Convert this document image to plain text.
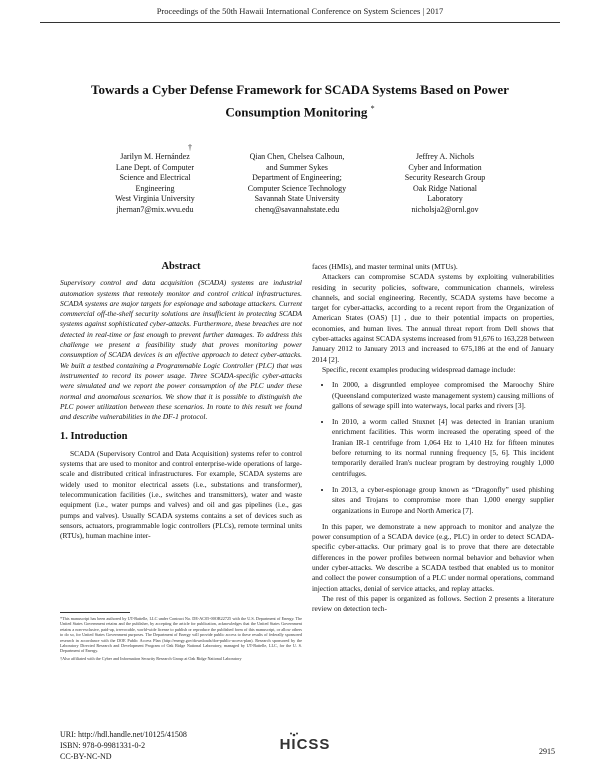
Proceedings of the 50th Hawaii International Conference on System Sciences | 2017
Towards a Cyber Defense Framework for SCADA Systems Based on Power Consumption Monitoring *
†
Jarilyn M. Hernández
Lane Dept. of Computer
Science and Electrical
Engineering
West Virginia University
jhernan7@mix.wvu.edu
Qian Chen, Chelsea Calhoun,
and Summer Sykes
Department of Engineering;
Computer Science Technology
Savannah State University
chenq@savannahstate.edu
Jeffrey A. Nichols
Cyber and Information
Security Research Group
Oak Ridge National
Laboratory
nicholsja2@ornl.gov
Abstract

Supervisory control and data acquisition (SCADA) systems are industrial automation systems that remotely monitor and control critical infrastructures. SCADA systems are major targets for espionage and sabotage attackers. Current commercial off-the-shelf security solutions are insufficient in protecting SCADA systems against sophisticated cyber-attacks. Furthermore, these breaches are not detected in real-time or fast enough to prevent further damages. To address this challenge we present a feasibility study that proves monitoring power consumption of SCADA devices is an effective approach to detect cyber-attacks. We built a testbed containing a Programmable Logic Controller (PLC) that was instrumented to record its power usage. Three SCADA-specific cyber-attacks were simulated and we report the power consumption of the PLC under these normal and anomalous scenarios. We show that it is possible to distinguish the PLC power utilization between these scenarios. In route to this result we found and describe vulnerabilities in the DF-1 protocol.

1. Introduction

SCADA (Supervisory Control and Data Acquisition) systems refer to control systems that are used to monitor and control enterprise-wide operations of large-scale and distributed critical infrastructures. For example, SCADA systems are widely used to monitor electrical assets (i.e., substations and transformer), telecommunication facilities (i.e., switches and transmitters), water and waste equipment (i.e., water pumps and valves) and oil and gas pipelines (i.e., gas pumps and valves). Usually SCADA systems contains a set of devices such as sensors, actuators, programmable logic controllers (PLCs), remote terminal units (RTUs), human machine inter-

faces (HMIs), and master terminal units (MTUs).

Attackers can compromise SCADA systems by exploiting vulnerabilities residing in security policies, software, communication channels, wireless channels, and social engineering. Recently, SCADA systems have become a target for cyber-attacks, according to a recent report from the Organization of American States (OAS) [1] , due to their potential impacts on properties, economies, and human lives. The annual threat report from Dell shows that cyber-attacks against SCADA systems increased from 91,676 to 163,228 between January 2012 to January 2013 and increased to 675,186 at the end of January 2014 [2].

Specific, recent examples producing widespread damage include:

• In 2000, a disgruntled employee compromised the Maroochy Shire (Queensland computerized waste management system) causing millions of gallons of sewage spill into waterways, local parks and rivers [3].
• In 2010, a worm called Stuxnet [4] was detected in Iranian uranium enrichment facilities. This worm increased the operating speed of the Iranian IR-1 centrifuge from 1,064 Hz to 1,410 Hz for fifteen minutes before returning to its normal running frequency [5, 6]. This incident temporarily derailed Iran's nuclear program by destroying roughly 1,000 centrifuges.
• In 2013, a cyber-espionage group known as “Dragonfly” used phishing sites and Trojans to compromise more than 1,000 energy supplier organizations in Europe and North America [7].

In this paper, we demonstrate a new approach to monitor and analyze the power consumption of a SCADA device (e.g., PLC) in order to detect SCADA-specific cyber-attacks. Our primary goal is to prove that there are detectable differences in the power profiles between normal behavior and behavior when under cyber-attacks. We describe a SCADA testbed that enabled us to monitor and collect the power consumption of a PLC under normal operations, command injection attacks, denial of service attacks, and replay attacks.

The rest of this paper is organized as follows. Section 2 presents a literature review on detection tech-

*This manuscript has been authored by UT-Battelle, LLC under Contract No. DE-AC05-00OR22725 with the U.S. Department of Energy. The United States Government retains and the publisher, by accepting the article for publication, acknowledges that the United States Government retains a non-exclusive, paid-up, irrevocable, world-wide license to publish or reproduce the published form of this manuscript, or allow others to do so, for United States Government purposes. The Department of Energy will provide public access to these results of federally sponsored research in accordance with the DOE Public Access Plan (http://energy.gov/downloads/doe-public-access-plan). Research sponsored by the Laboratory Directed Research and Development Program of Oak Ridge National Laboratory, managed by UT-Battelle, LLC, for the U. S. Department of Energy.

†Also affiliated with the Cyber and Information Security Research Group at Oak Ridge National Laboratory

URI: http://hdl.handle.net/10125/41508
ISBN: 978-0-9981331-0-2
CC-BY-NC-ND
HICSS	2915
